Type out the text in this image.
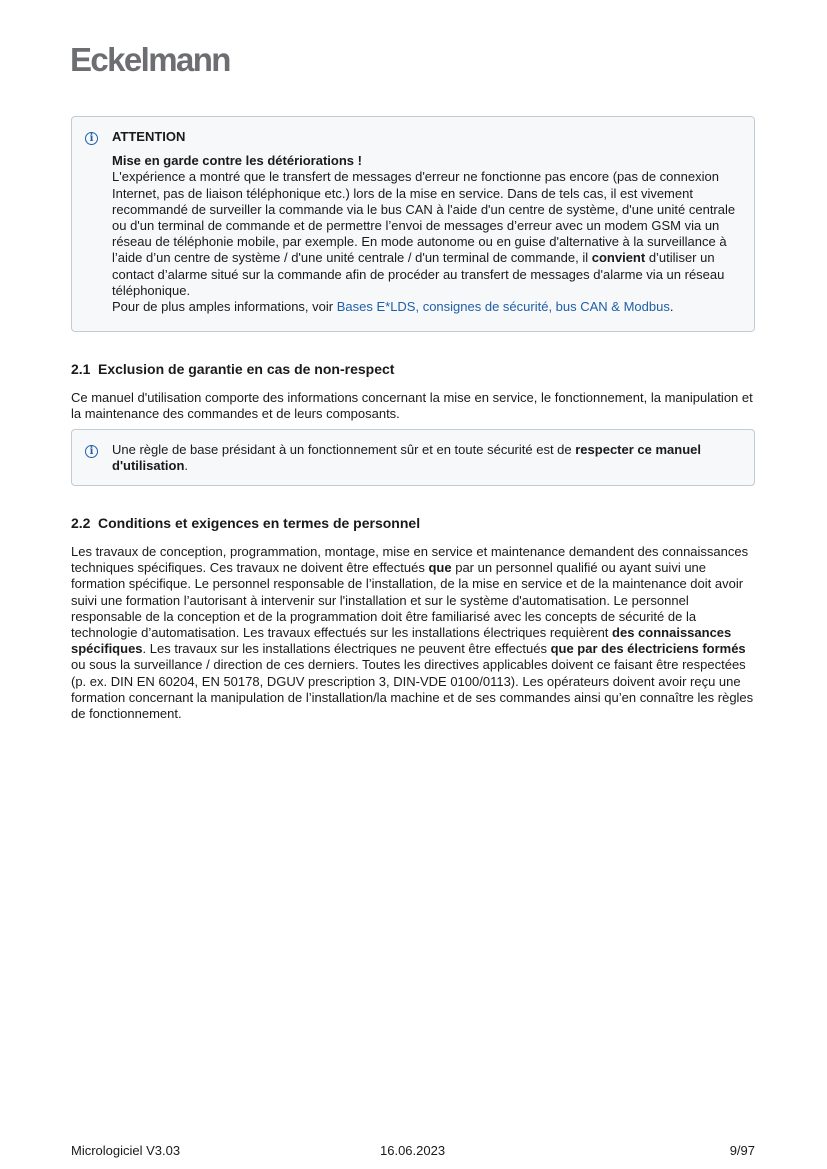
Eckelmann
i	ATTENTION

Mise en garde contre les détériorations !

L'expérience a montré que le transfert de messages d'erreur ne fonctionne pas encore (pas de connexion Internet, pas de liaison téléphonique etc.) lors de la mise en service. Dans de tels cas, il est vivement recommandé de surveiller la commande via le bus CAN à l'aide d'un centre de système, d'une unité centrale ou d'un terminal de commande et de permettre l’envoi de messages d’erreur avec un modem GSM via un réseau de téléphonie mobile, par exemple. En mode autonome ou en guise d'alternative à la surveillance à l’aide d’un centre de système / d'une unité centrale / d'un terminal de commande, il convient d’utiliser un contact d’alarme situé sur la commande afin de procéder au transfert de messages d'alarme via un réseau téléphonique.

Pour de plus amples informations, voir Bases E*LDS, consignes de sécurité, bus CAN & Modbus.

2.1 Exclusion de garantie en cas de non-respect
Ce manuel d'utilisation comporte des informations concernant la mise en service, le fonctionnement, la manipulation et la maintenance des commandes et de leurs composants.
i	Une règle de base présidant à un fonctionnement sûr et en toute sécurité est de respecter ce manuel d'utilisation.

2.2 Conditions et exigences en termes de personnel
Les travaux de conception, programmation, montage, mise en service et maintenance demandent des connaissances techniques spécifiques. Ces travaux ne doivent être effectués que par un personnel qualifié ou ayant suivi une formation spécifique. Le personnel responsable de l’installation, de la mise en service et de la maintenance doit avoir suivi une formation l’autorisant à intervenir sur l'installation et sur le système d'automatisation. Le personnel responsable de la conception et de la programmation doit être familiarisé avec les concepts de sécurité de la technologie d’automatisation. Les travaux effectués sur les installations électriques requièrent des connaissances spécifiques. Les travaux sur les installations électriques ne peuvent être effectués que par des électriciens formés ou sous la surveillance / direction de ces derniers. Toutes les directives applicables doivent ce faisant être respectées (p. ex. DIN EN 60204, EN 50178, DGUV prescription 3, DIN-VDE 0100/0113). Les opérateurs doivent avoir reçu une formation concernant la manipulation de l’installation/la machine et de ses commandes ainsi qu’en connaître les règles de fonctionnement.
Micrologiciel V3.03	16.06.2023	9/97
